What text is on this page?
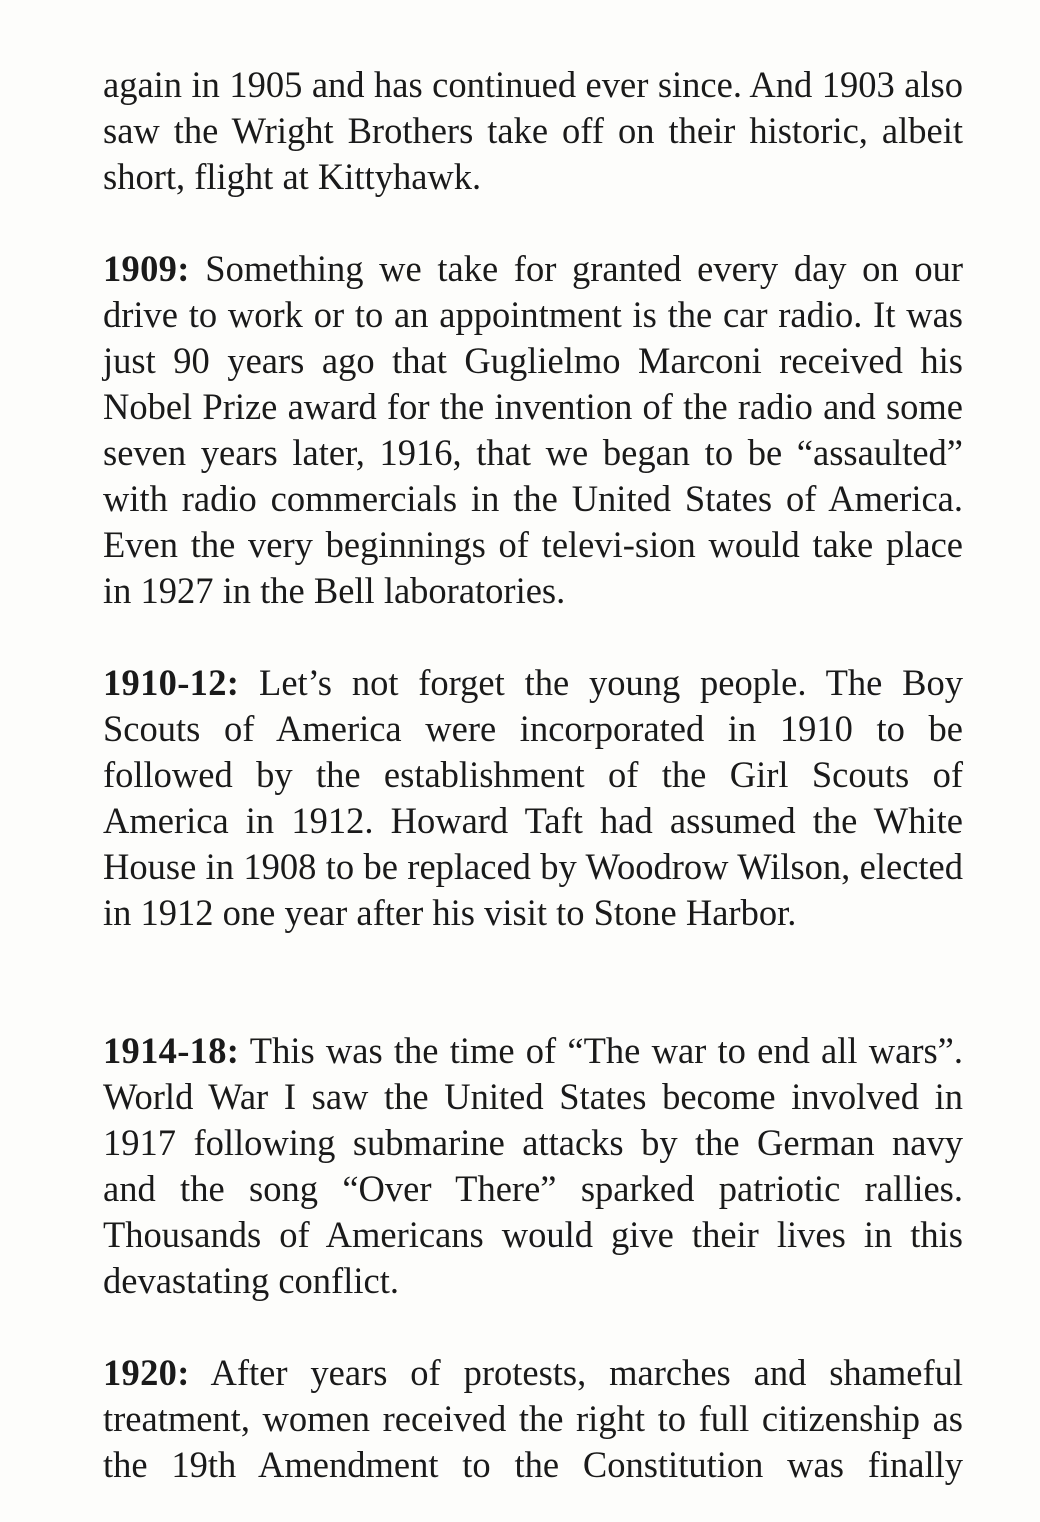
again in 1905 and has continued ever since. And 1903 also saw the Wright Brothers take off on their historic, albeit short, flight at Kittyhawk.

1909: Something we take for granted every day on our drive to work or to an appointment is the car radio. It was just 90 years ago that Guglielmo Marconi received his Nobel Prize award for the invention of the radio and some seven years later, 1916, that we began to be “assaulted” with radio commercials in the United States of America. Even the very beginnings of televi-sion would take place in 1927 in the Bell laboratories.

1910-12: Let’s not forget the young people. The Boy Scouts of America were incorporated in 1910 to be followed by the establishment of the Girl Scouts of America in 1912. Howard Taft had assumed the White House in 1908 to be replaced by Woodrow Wilson, elected in 1912 one year after his visit to Stone Harbor.

1914-18: This was the time of “The war to end all wars”. World War I saw the United States become involved in 1917 following submarine attacks by the German navy and the song “Over There” sparked patriotic rallies. Thousands of Americans would give their lives in this devastating conflict.

1920: After years of protests, marches and shameful treatment, women received the right to full citizenship as the 19th Amendment to the Constitution was finally
